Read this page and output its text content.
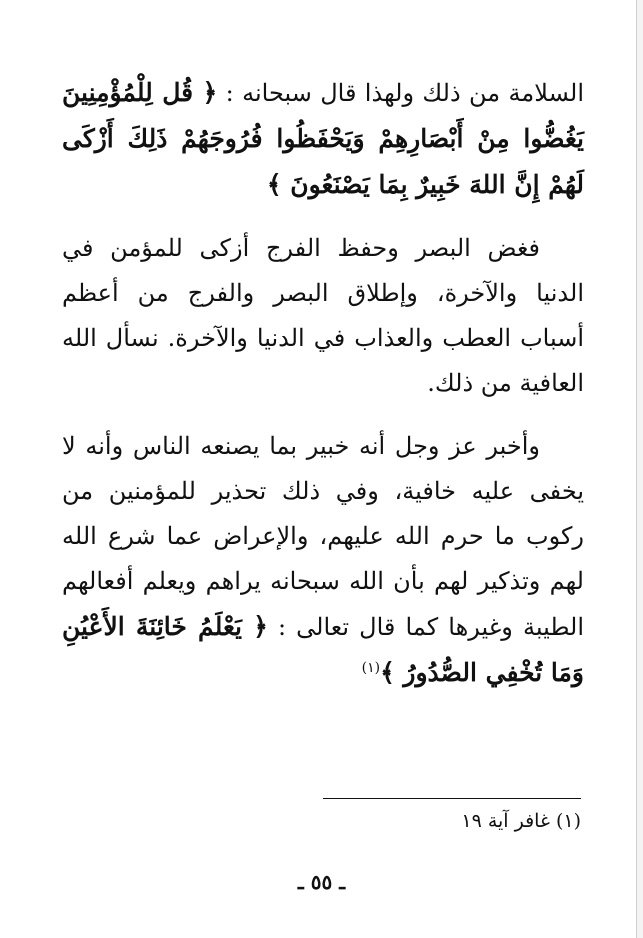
السلامة من ذلك ولهذا قال سبحانه : ﴿ قُل لِلْمُؤْمِنِينَ يَغُضُّوا مِنْ أَبْصَارِهِمْ وَيَحْفَظُوا فُرُوجَهُمْ ذَلِكَ أَزْكَى لَهُمْ إِنَّ اللهَ خَبِيرٌ بِمَا يَصْنَعُونَ ﴾

فغض البصر وحفظ الفرج أزكى للمؤمن في الدنيا والآخرة، وإطلاق البصر والفرج من أعظم أسباب العطب والعذاب في الدنيا والآخرة. نسأل الله العافية من ذلك.

وأخبر عز وجل أنه خبير بما يصنعه الناس وأنه لا يخفى عليه خافية، وفي ذلك تحذير للمؤمنين من ركوب ما حرم الله عليهم، والإعراض عما شرع الله لهم وتذكير لهم بأن الله سبحانه يراهم ويعلم أفعالهم الطيبة وغيرها كما قال تعالى : ﴿ يَعْلَمُ خَائِنَةَ الأَعْيُنِ وَمَا تُخْفِي الصُّدُورُ ﴾$^{(١)}$

(١) غافر آية ١٩
ـ ٥٥ ـ
